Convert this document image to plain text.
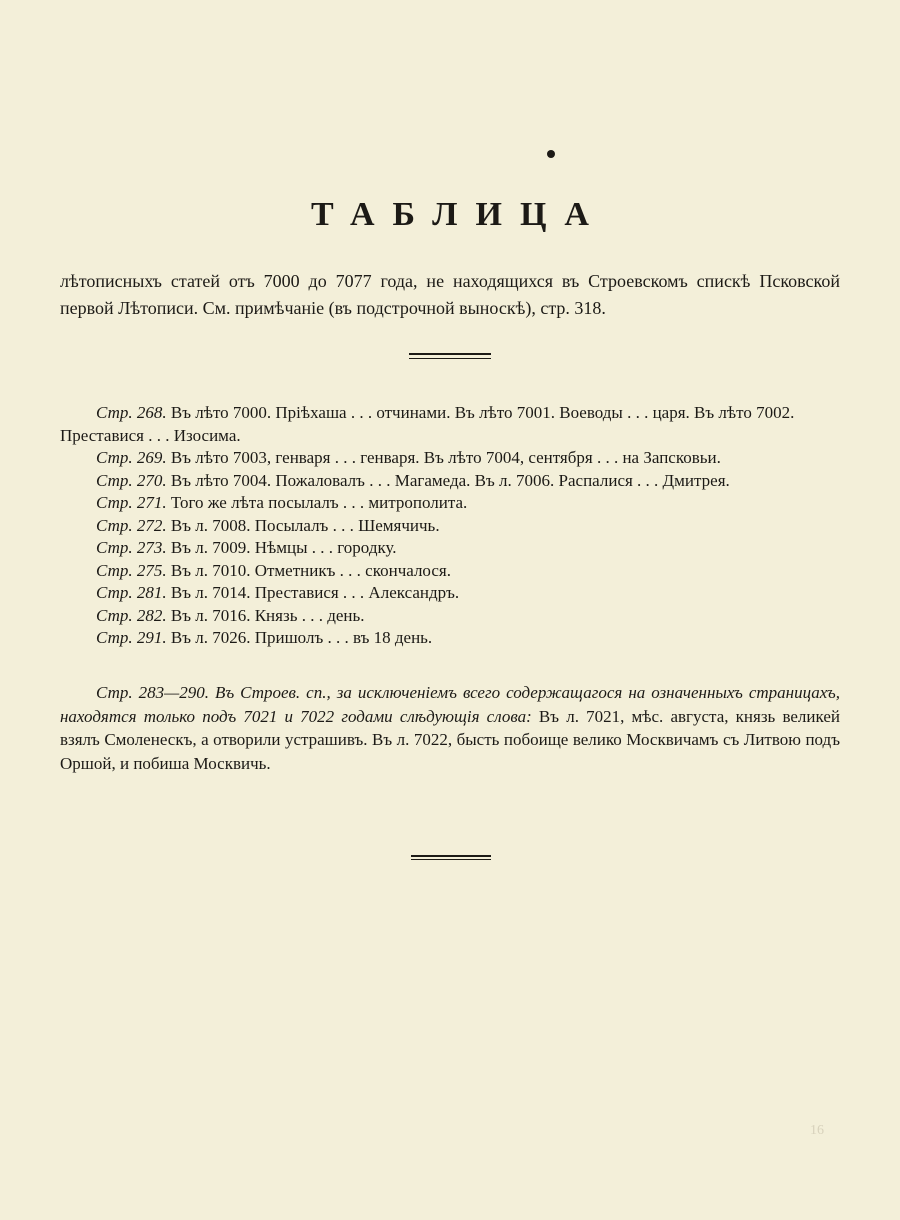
ТАБЛИЦА
лѣтописныхъ статей отъ 7000 до 7077 года, не находящихся въ Строевскомъ спискѣ Псковской первой Лѣтописи. См. примѣчаніе (въ подстрочной выноскѣ), стр. 318.
Стр. 268. Въ лѣто 7000. Пріѣхаша . . . отчинами. Въ лѣто 7001. Воеводы . . . царя. Въ лѣто 7002. Преставися . . . Изосима.
Стр. 269. Въ лѣто 7003, генваря . . . генваря. Въ лѣто 7004, сентября . . . на Запсковьи.
Стр. 270. Въ лѣто 7004. Пожаловалъ . . . Магамеда. Въ л. 7006. Распалися . . . Дмитрея.
Стр. 271. Того же лѣта посылалъ . . . митрополита.
Стр. 272. Въ л. 7008. Посылалъ . . . Шемячичь.
Стр. 273. Въ л. 7009. Нѣмцы . . . городку.
Стр. 275. Въ л. 7010. Отметникъ . . . скончалося.
Стр. 281. Въ л. 7014. Преставися . . . Александръ.
Стр. 282. Въ л. 7016. Князь . . . день.
Стр. 291. Въ л. 7026. Пришолъ . . . въ 18 день.
Стр. 283—290. Въ Строев. сп., за исключеніемъ всего содержащагося на означенныхъ страницахъ, находятся только подъ 7021 и 7022 годами слѣдующія слова: Въ л. 7021, мѣс. августа, князь великей взялъ Смоленескъ, а отворили устрашивъ. Въ л. 7022, бысть побоище велико Москвичамъ съ Литвою подъ Оршой, и побиша Москвичь.
16
